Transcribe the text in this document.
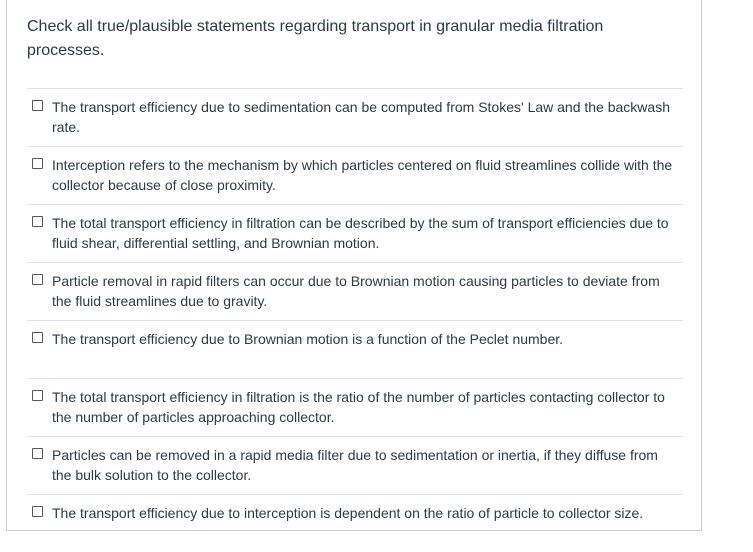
Check all true/plausible statements regarding transport in granular media filtration processes.
The transport efficiency due to sedimentation can be computed from Stokes' Law and the backwash rate.
Interception refers to the mechanism by which particles centered on fluid streamlines collide with the collector because of close proximity.
The total transport efficiency in filtration can be described by the sum of transport efficiencies due to fluid shear, differential settling, and Brownian motion.
Particle removal in rapid filters can occur due to Brownian motion causing particles to deviate from the fluid streamlines due to gravity.
The transport efficiency due to Brownian motion is a function of the Peclet number.
The total transport efficiency in filtration is the ratio of the number of particles contacting collector to the number of particles approaching collector.
Particles can be removed in a rapid media filter due to sedimentation or inertia, if they diffuse from the bulk solution to the collector.
The transport efficiency due to interception is dependent on the ratio of particle to collector size.
